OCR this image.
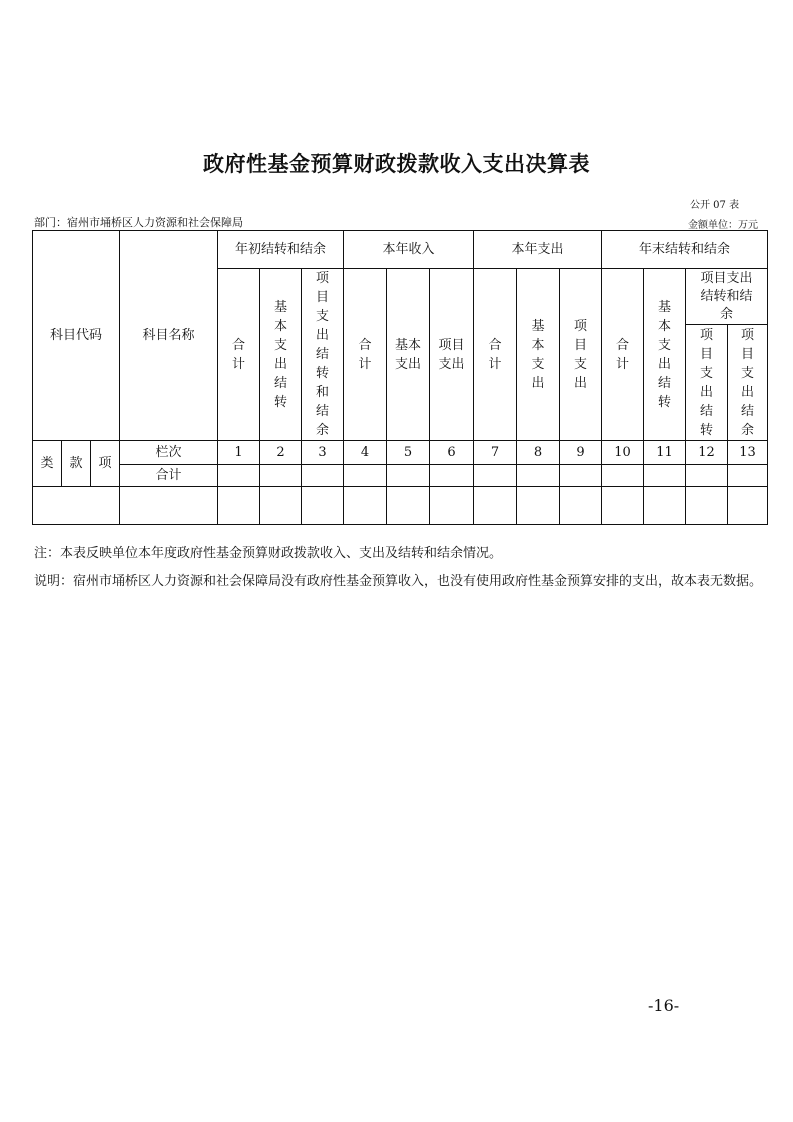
政府性基金预算财政拨款收入支出决算表
公开 07 表
部门：宿州市埇桥区人力资源和社会保障局	金额单位：万元
科目代码			科目名称	年初结转和结余			本年收入			本年支出			年末结转和结余			
				合计	基本支出结转	项目支出结转和结余	合计	基本支出	项目支出	合计	基本支出	项目支出	合计	基本支出结转	项目支出结转和结余	
															项目支出结转	项目支出结余
类	款	项	栏次	1	2	3	4	5	6	7	8	9	10	11	12	13
			合计													

注：本表反映单位本年度政府性基金预算财政拨款收入、支出及结转和结余情况。
说明：宿州市埇桥区人力资源和社会保障局没有政府性基金预算收入，也没有使用政府性基金预算安排的支出，故本表无数据。
-16-
